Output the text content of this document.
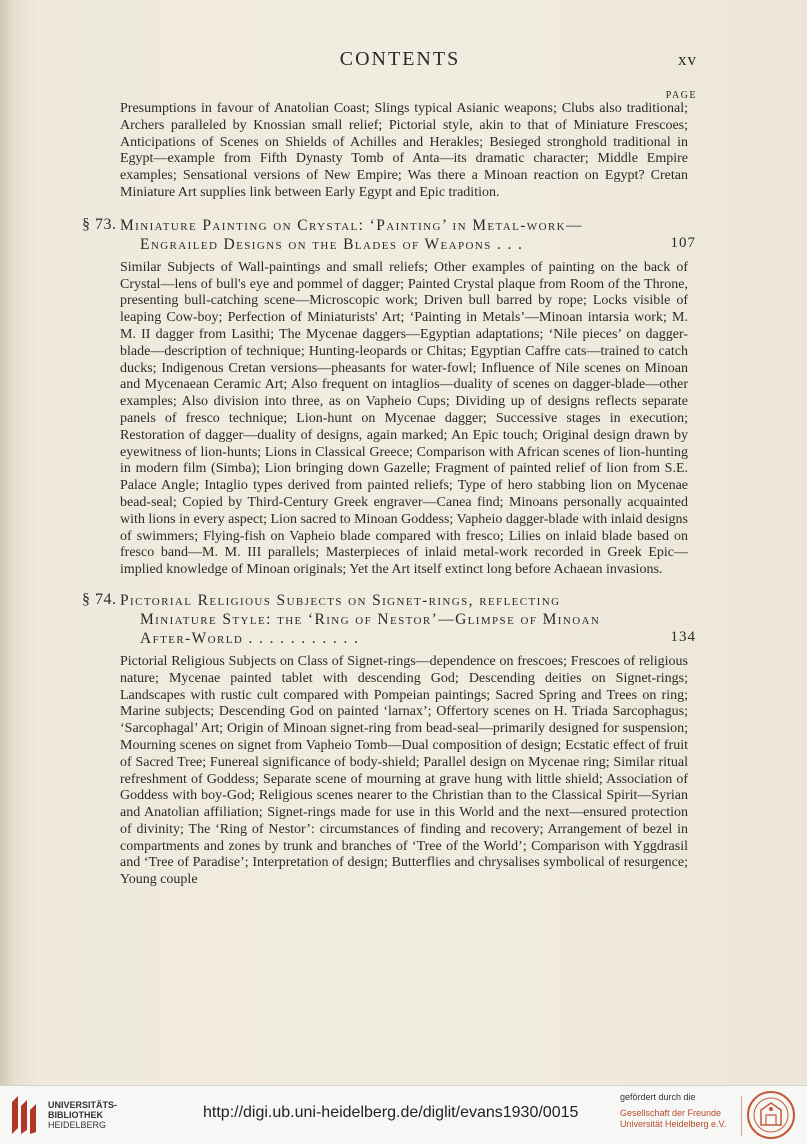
CONTENTS	xv
PAGE

Presumptions in favour of Anatolian Coast; Slings typical Asianic weapons; Clubs also traditional; Archers paralleled by Knossian small relief; Pictorial style, akin to that of Miniature Frescoes; Anticipations of Scenes on Shields of Achilles and Herakles; Besieged stronghold traditional in Egypt—example from Fifth Dynasty Tomb of Anta—its dramatic character; Middle Empire examples; Sensational versions of New Empire; Was there a Minoan reaction on Egypt? Cretan Miniature Art supplies link between Early Egypt and Epic tradition.

§ 73. Miniature Painting on Crystal: ‘Painting’ in Metal-work—
Engrailed Designs on the Blades of Weapons . . .	107

Similar Subjects of Wall-paintings and small reliefs; Other examples of painting on the back of Crystal—lens of bull's eye and pommel of dagger; Painted Crystal plaque from Room of the Throne, presenting bull-catching scene—Microscopic work; Driven bull barred by rope; Locks visible of leaping Cow-boy; Perfection of Miniaturists' Art; ‘Painting in Metals’—Minoan intarsia work; M. M. II dagger from Lasithi; The Mycenae daggers—Egyptian adaptations; ‘Nile pieces’ on dagger-blade—description of technique; Hunting-leopards or Chitas; Egyptian Caffre cats—trained to catch ducks; Indigenous Cretan versions—pheasants for water-fowl; Influence of Nile scenes on Minoan and Mycenaean Ceramic Art; Also frequent on intaglios—duality of scenes on dagger-blade—other examples; Also division into three, as on Vapheio Cups; Dividing up of designs reflects separate panels of fresco technique; Lion-hunt on Mycenae dagger; Successive stages in execution; Restoration of dagger—duality of designs, again marked; An Epic touch; Original design drawn by eyewitness of lion-hunts; Lions in Classical Greece; Comparison with African scenes of lion-hunting in modern film (Simba); Lion bringing down Gazelle; Fragment of painted relief of lion from S.E. Palace Angle; Intaglio types derived from painted reliefs; Type of hero stabbing lion on Mycenae bead-seal; Copied by Third-Century Greek engraver—Canea find; Minoans personally acquainted with lions in every aspect; Lion sacred to Minoan Goddess; Vapheio dagger-blade with inlaid designs of swimmers; Flying-fish on Vapheio blade compared with fresco; Lilies on inlaid blade based on fresco band—M. M. III parallels; Masterpieces of inlaid metal-work recorded in Greek Epic—implied knowledge of Minoan originals; Yet the Art itself extinct long before Achaean invasions.

§ 74. Pictorial Religious Subjects on Signet-rings, reflecting
Miniature Style: the ‘Ring of Nestor’—Glimpse of Minoan
After-World . . . . . . . . . . .	134

Pictorial Religious Subjects on Class of Signet-rings—dependence on frescoes; Frescoes of religious nature; Mycenae painted tablet with descending God; Descending deities on Signet-rings; Landscapes with rustic cult compared with Pompeian paintings; Sacred Spring and Trees on ring; Marine subjects; Descending God on painted ‘larnax’; Offertory scenes on H. Triada Sarcophagus; ‘Sarcophagal’ Art; Origin of Minoan signet-ring from bead-seal—primarily designed for suspension; Mourning scenes on signet from Vapheio Tomb—Dual composition of design; Ecstatic effect of fruit of Sacred Tree; Funereal significance of body-shield; Parallel design on Mycenae ring; Similar ritual refreshment of Goddess; Separate scene of mourning at grave hung with little shield; Association of Goddess with boy-God; Religious scenes nearer to the Christian than to the Classical Spirit—Syrian and Anatolian affiliation; Signet-rings made for use in this World and the next—ensured protection of divinity; The ‘Ring of Nestor’: circumstances of finding and recovery; Arrangement of bezel in compartments and zones by trunk and branches of ‘Tree of the World’; Comparison with Yggdrasil and ‘Tree of Paradise’; Interpretation of design; Butterflies and chrysalises symbolical of resurgence; Young couple

UNIVERSITÄTS-
BIBLIOTHEK
HEIDELBERG
http://digi.ub.uni-heidelberg.de/diglit/evans1930/0015
gefördert durch die
Gesellschaft der Freunde
Universität Heidelberg e.V.
